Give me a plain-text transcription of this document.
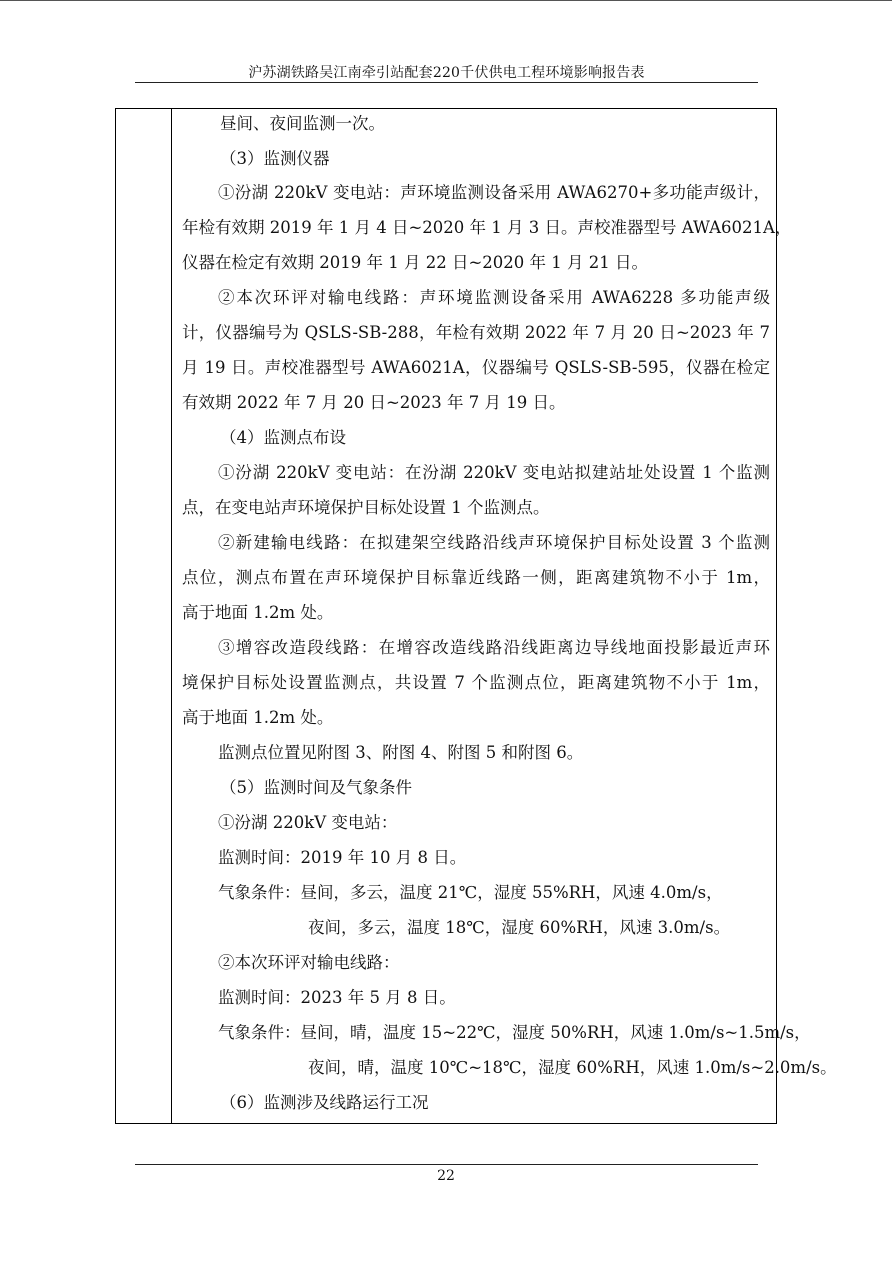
沪苏湖铁路吴江南牵引站配套220千伏供电工程环境影响报告表
昼间、夜间监测一次。
（3）监测仪器
①汾湖 220kV 变电站：声环境监测设备采用 AWA6270+多功能声级计，
年检有效期 2019 年 1 月 4 日~2020 年 1 月 3 日。声校准器型号 AWA6021A，
仪器在检定有效期 2019 年 1 月 22 日~2020 年 1 月 21 日。
②本次环评对输电线路：声环境监测设备采用 AWA6228 多功能声级
计，仪器编号为 QSLS-SB-288，年检有效期 2022 年 7 月 20 日~2023 年 7
月 19 日。声校准器型号 AWA6021A，仪器编号 QSLS-SB-595，仪器在检定
有效期 2022 年 7 月 20 日~2023 年 7 月 19 日。
（4）监测点布设
①汾湖 220kV 变电站：在汾湖 220kV 变电站拟建站址处设置 1 个监测
点，在变电站声环境保护目标处设置 1 个监测点。
②新建输电线路：在拟建架空线路沿线声环境保护目标处设置 3 个监测
点位，测点布置在声环境保护目标靠近线路一侧，距离建筑物不小于 1m，
高于地面 1.2m 处。
③增容改造段线路：在增容改造线路沿线距离边导线地面投影最近声环
境保护目标处设置监测点，共设置 7 个监测点位，距离建筑物不小于 1m，
高于地面 1.2m 处。
监测点位置见附图 3、附图 4、附图 5 和附图 6。
（5）监测时间及气象条件
①汾湖 220kV 变电站：
监测时间：2019 年 10 月 8 日。
气象条件：昼间，多云，温度 21℃，湿度 55%RH，风速 4.0m/s，
夜间，多云，温度 18℃，湿度 60%RH，风速 3.0m/s。
②本次环评对输电线路：
监测时间：2023 年 5 月 8 日。
气象条件：昼间，晴，温度 15~22℃，湿度 50%RH，风速 1.0m/s~1.5m/s，
夜间，晴，温度 10℃~18℃，湿度 60%RH，风速 1.0m/s~2.0m/s。
（6）监测涉及线路运行工况
22
